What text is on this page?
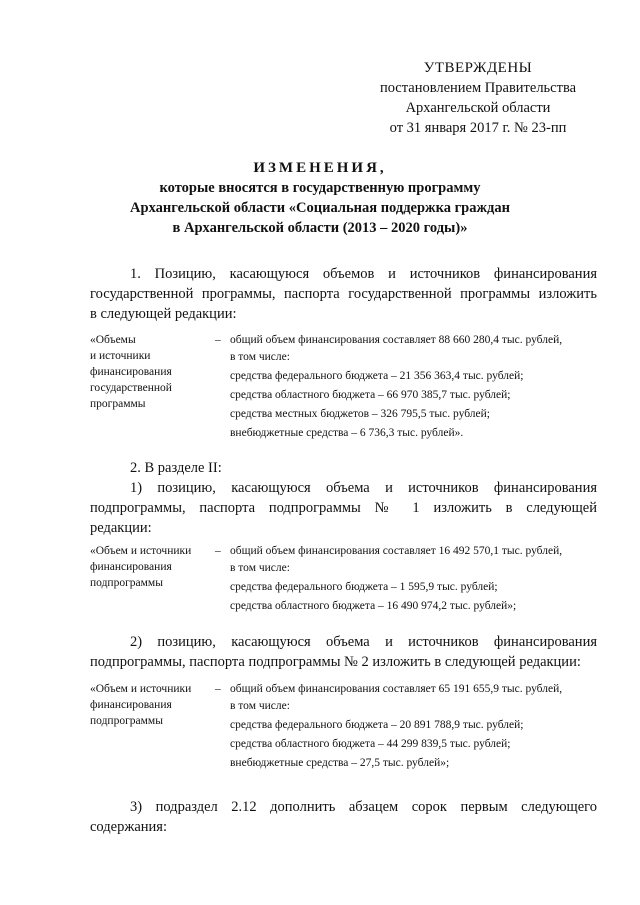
УТВЕРЖДЕНЫ
постановлением Правительства
Архангельской области
от 31 января 2017 г. № 23-пп
ИЗМЕНЕНИЯ,
которые вносятся в государственную программу
Архангельской области «Социальная поддержка граждан
в Архангельской области (2013 – 2020 годы)»
1. Позицию, касающуюся объемов и источников финансирования
государственной программы, паспорта государственной программы изложить
в следующей редакции:
«Объемы
и источники
финансирования
государственной
программы
– общий объем финансирования составляет 88 660 280,4 тыс. рублей,
в том числе:
средства федерального бюджета – 21 356 363,4 тыс. рублей;
средства областного бюджета – 66 970 385,7 тыс. рублей;
средства местных бюджетов – 326 795,5 тыс. рублей;
внебюджетные средства – 6 736,3 тыс. рублей».
2. В разделе II:
1) позицию, касающуюся объема и источников финансирования
подпрограммы, паспорта подпрограммы № 1 изложить в следующей
редакции:
«Объем и источники
финансирования
подпрограммы
– общий объем финансирования составляет 16 492 570,1 тыс. рублей,
в том числе:
средства федерального бюджета – 1 595,9 тыс. рублей;
средства областного бюджета – 16 490 974,2 тыс. рублей»;
2) позицию, касающуюся объема и источников финансирования
подпрограммы, паспорта подпрограммы № 2 изложить в следующей редакции:
«Объем и источники
финансирования
подпрограммы
– общий объем финансирования составляет 65 191 655,9 тыс. рублей,
в том числе:
средства федерального бюджета – 20 891 788,9 тыс. рублей;
средства областного бюджета – 44 299 839,5 тыс. рублей;
внебюджетные средства – 27,5 тыс. рублей»;
3) подраздел 2.12 дополнить абзацем сорок первым следующего
содержания:
